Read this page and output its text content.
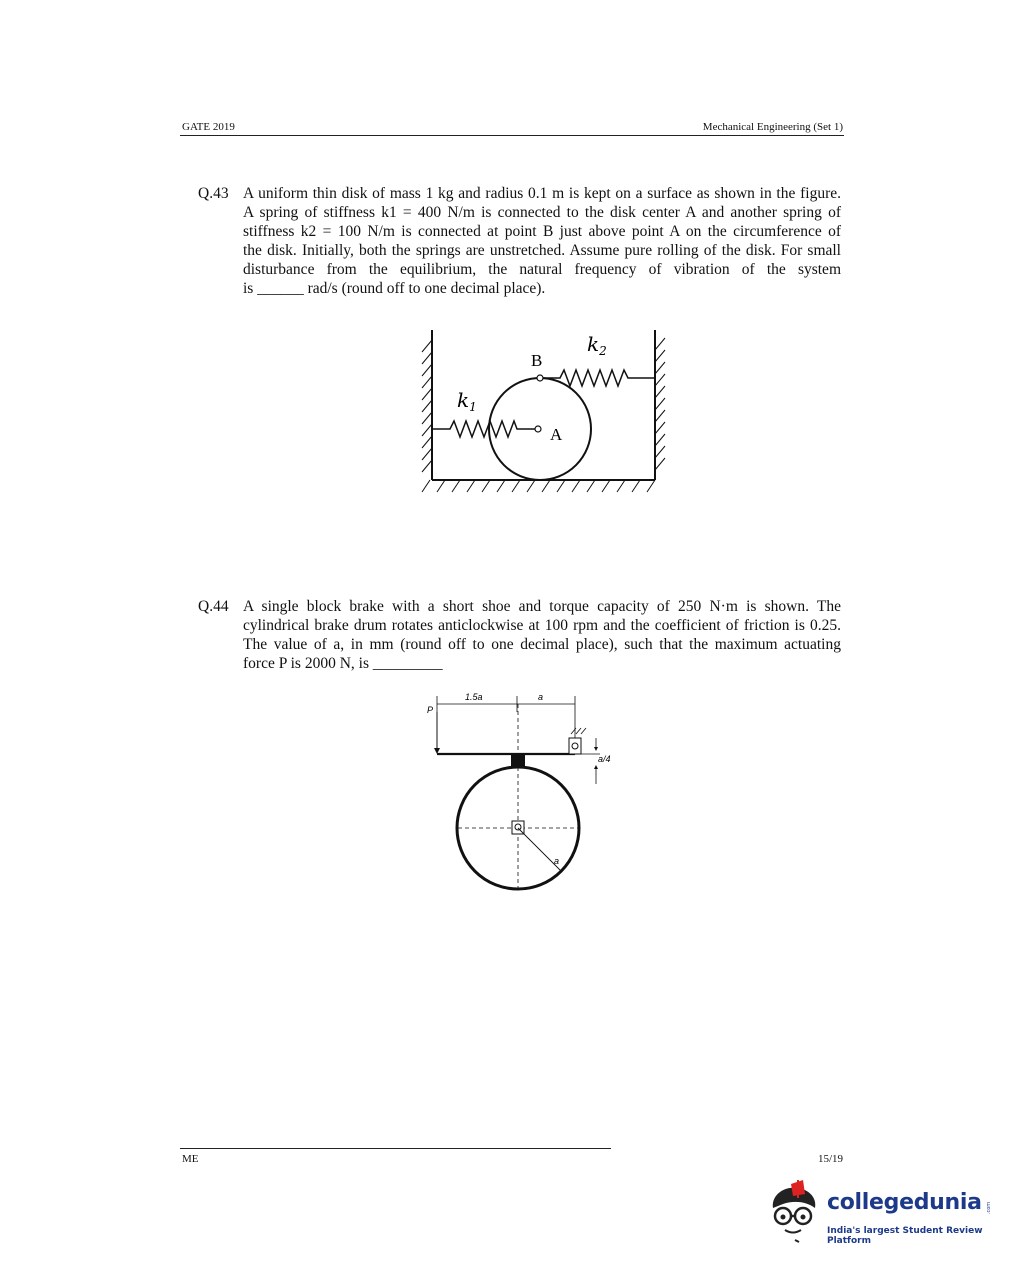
GATE 2019	Mechanical Engineering (Set 1)
Q.43 A uniform thin disk of mass 1 kg and radius 0.1 m is kept on a surface as shown in the figure.
A spring of stiffness k1 = 400 N/m is connected to the disk center A and another spring of
stiffness k2 = 100 N/m is connected at point B just above point A on the circumference of
the disk. Initially, both the springs are unstretched. Assume pure rolling of the disk. For small
disturbance from the equilibrium, the natural frequency of vibration of the system
is ______ rad/s (round off to one decimal place).
$k_1$
$k_2$
A
B
Q.44 A single block brake with a short shoe and torque capacity of 250 N·m is shown. The
cylindrical brake drum rotates anticlockwise at 100 rpm and the coefficient of friction is 0.25.
The value of a, in mm (round off to one decimal place), such that the maximum actuating
force P is 2000 N, is _________
1.5a	a
P
a/4
a
ME	15/19
collegedunia .com
India's largest Student Review Platform
